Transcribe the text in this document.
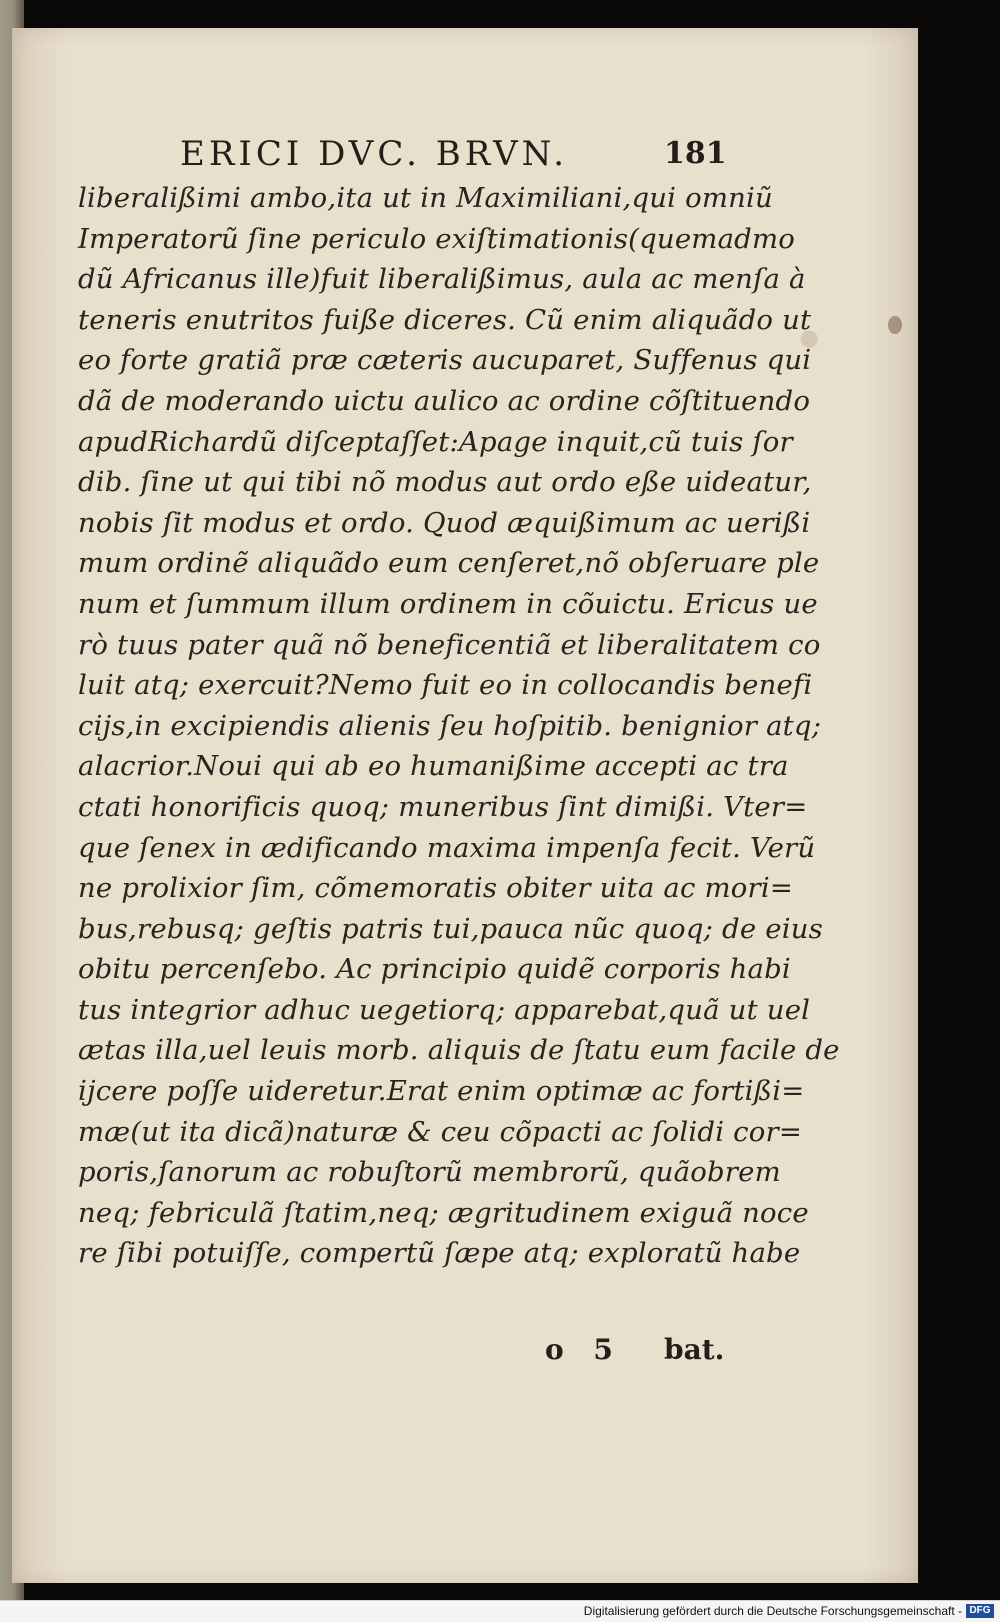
ERICI DVC. BRVN.	181
liberalißimi ambo,ita ut in Maximiliani,qui omniũ
Imperatorũ ſine periculo exiſtimationis(quemadmo
dũ Africanus ille)fuit liberalißimus, aula ac menſa à
teneris enutritos fuiße diceres. Cũ enim aliquãdo ut
eo forte gratiã præ cæteris aucuparet, Suffenus qui
dã de moderando uictu aulico ac ordine cõſtituendo
apudRichardũ diſceptaſſet:Apage inquit,cũ tuis ſor
dib. ſine ut qui tibi nõ modus aut ordo eße uideatur,
nobis ſit modus et ordo. Quod æquißimum ac uerißi
mum ordinẽ aliquãdo eum cenſeret,nõ obſeruare ple
num et ſummum illum ordinem in cõuictu. Ericus ue
rò tuus pater quã nõ beneficentiã et liberalitatem co
luit atq; exercuit?Nemo fuit eo in collocandis benefi
cijs,in excipiendis alienis ſeu hoſpitib. benignior atq;
alacrior.Noui qui ab eo humanißime accepti ac tra
ctati honorificis quoq; muneribus ſint dimißi. Vter=
que ſenex in ædificando maxima impenſa fecit. Verũ
ne prolixior ſim, cõmemoratis obiter uita ac mori=
bus,rebusq; geſtis patris tui,pauca nũc quoq; de eius
obitu percenſebo. Ac principio quidẽ corporis habi
tus integrior adhuc uegetiorq; apparebat,quã ut uel
ætas illa,uel leuis morb. aliquis de ſtatu eum facile de
ijcere poſſe uideretur.Erat enim optimæ ac fortißi=
mæ(ut ita dicã)naturæ & ceu cõpacti ac ſolidi cor=
poris,ſanorum ac robuſtorũ membrorũ, quãobrem
neq; febriculã ſtatim,neq; ægritudinem exiguã noce
re ſibi potuiſſe, compertũ ſæpe atq; exploratũ habe
o 5 bat.
Digitalisierung gefördert durch die Deutsche Forschungsgemeinschaft - DFG
